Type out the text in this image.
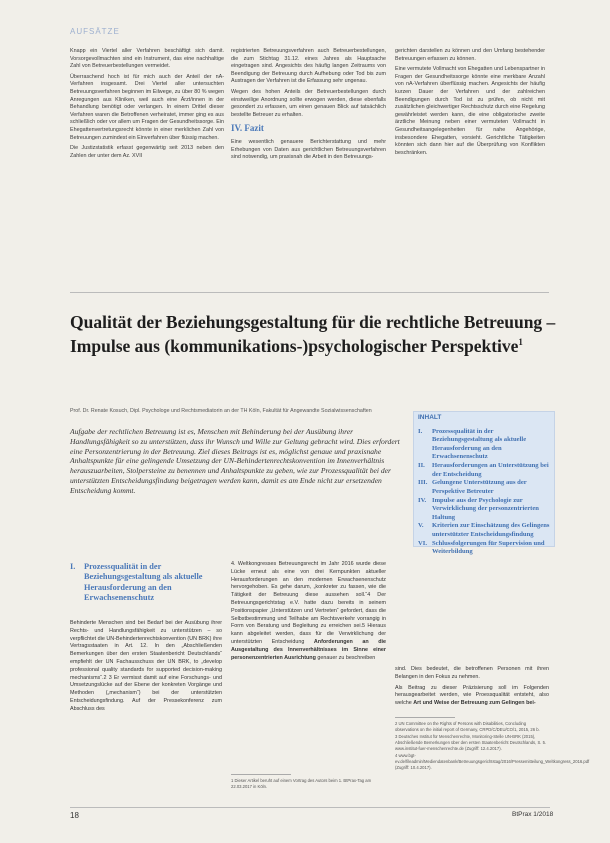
AUFSÄTZE

Knapp ein Viertel aller Verfahren beschäftigt sich damit. Vorsorgevollmachten sind ein Instrument, das eine nachhaltige Zahl von Betreuerbestellungen vermeidet.

Überraschend hoch ist für mich auch der Anteil der nA-Verfahren insgesamt. Drei Viertel aller untersuchten Betreuungsverfahren beginnen im Eilwege, zu über 80 % wegen Anregungen aus Kliniken, weil auch eine Ärzt/innen in der Behandlung benötigt oder verlangen. In einem Drittel dieser Verfahren waren die Betroffenen verheiratet, immer ging es aus schließlich oder vor allem um Fragen der Gesundheitssorge. Ein Ehegattenvertretungsrecht könnte in einer merklichen Zahl von Betreuungen zumindest ein Einverfahren über flüssig machen.

Die Justizstatistik erfasst gegenwärtig seit 2013 neben den Zahlen der unter dem Az. XVII

registrierten Betreuungsverfahren auch Betreuerbestellungen, die zum Stichtag 31.12. eines Jahres als Hauptsache eingetragen sind. Angesichts des häufig langen Zeitraums von Beendigung der Betreuung durch Aufhebung oder Tod bis zum Austragen der Verfahren ist die Erfassung sehr ungenau.

Wegen des hohen Anteils der Betreuerbestellungen durch einstweilige Anordnung sollte erwogen werden, diese ebenfalls gesondert zu erfassen, um einen genauen Blick auf tatsächlich bestellte Betreuer zu erhalten.

IV. Fazit

Eine wesentlich genauere Berichterstattung und mehr Erhebungen von Daten aus gerichtlichen Betreuungsverfahren sind notwendig, um praxisnah die Arbeit in den Betreuungs-

gerichten darstellen zu können und den Umfang bestehender Betreuungen erfassen zu können.

Eine vermutete Vollmacht von Ehegatten und Lebenspartner in Fragen der Gesundheitssorge könnte eine merkbare Anzahl von nA-Verfahren überflüssig machen. Angesichts der häufig kurzen Dauer der Verfahren und der zahlreichen Beendigungen durch Tod ist zu prüfen, ob nicht mit zusätzlichen gleichwertiger Rechtsschutz durch eine Regelung gewährleistet werden kann, die eine obligatorische zweite ärztliche Meinung neben einer vermuteten Vollmacht in Gesundheitsangelegenheiten für nahe Angehörige, insbesondere Ehegatten, vorsieht. Gerichtliche Tätigkeiten könnten sich dann hier auf die Überprüfung von Konflikten beschränken.

Qualität der Beziehungsgestaltung für die rechtliche Betreuung – Impulse aus (kommunikations-)psychologischer Perspektive$^1$
Prof. Dr. Renate Kosuch, Dipl. Psychologe und Rechtsmediatorin an der TH Köln, Fakultät für Angewandte Sozialwissenschaften
Aufgabe der rechtlichen Betreuung ist es, Menschen mit Behinderung bei der Ausübung ihrer Handlungsfähigkeit so zu unterstützen, dass ihr Wunsch und Wille zur Geltung gebracht wird. Dies erfordert eine Personzentrierung in der Betreuung. Ziel dieses Beitrags ist es, möglichst genaue und praxisnahe Anhaltspunkte für eine gelingende Umsetzung der UN-Behindertenrechtskonvention im Innenverhältnis herauszuarbeiten, Stolpersteine zu benennen und Anhaltspunkte zu geben, wie zur Prozessqualität bei der unterstützten Entscheidungsfindung beigetragen werden kann, damit es am Ende nicht zur ersetzenden Entscheidung kommt.
INHALT
I.	Prozessqualität in der Beziehungsgestaltung als aktuelle Herausforderung an den Erwachsenenschutz
II.	Herausforderungen an Unterstützung bei der Entscheidung
III. Gelungene Unterstützung aus der Perspektive Betreuter
IV. Impulse aus der Psychologie zur Verwirklichung der personzentrierten Haltung
V.	Kriterien zur Einschätzung des Gelingens unterstützter Entscheidungsfindung
VI. Schlussfolgerungen für Supervision und Weiterbildung
I.	Prozessqualität in der Beziehungsgestaltung als aktuelle Herausforderung an den Erwachsenenschutz

Behinderte Menschen sind bei Bedarf bei der Ausübung ihrer Rechts- und Handlungsfähigkeit zu unterstützen – so verpflichtet die UN-Behindertenrechtskonvention (UN BRK) ihre Vertragsstaaten in Art. 12. In den „Abschließenden Bemerkungen über den ersten Staatenbericht Deutschlands“ empfiehlt der UN Fachausschuss der UN BRK, to „develop professional quality standards for supported decision-making mechanisms“.2 3 Er vermisst damit auf eine Forschungs- und Umsetzungslücke auf der Ebene der konkreten Vorgänge und Methoden („mechanism“) bei der unterstützten Entscheidungsfindung. Auf der Pressekonferenz zum Abschluss des

4. Weltkongresses Betreuungsrecht im Jahr 2016 wurde diese Lücke erneut als eine von drei Kernpunkten aktueller Herausforderungen an den modernen Erwachsenenschutz hervorgehoben. Es gehe darum, „konkreter zu fassen, wie die Tätigkeit der Betreuung diese aussehen soll.“4 Der Betreuungsgerichtstag e.V. hatte dazu bereits in seinem Positionspapier „Unterstützen und Vertreten“ gefordert, dass die Selbstbestimmung und Teilhabe am Rechtsverkehr vorrangig in Form von Beratung und Begleitung zu erreichen sei.5 Hieraus kann abgeleitet werden, dass für die Verwirklichung der unterstützten Entscheidung Anforderungen an die Ausgestaltung des Innenverhältnisses im Sinne einer personenzentrierten Ausrichtung genauer zu beschreiben

sind. Dies bedeutet, die betroffenen Personen mit ihren Belangen in den Fokus zu nehmen.

Als Beitrag zu dieser Präzisierung soll im Folgenden herausgearbeitet werden, wie Proessqualität entsteht, also welche Art und Weise der Betreuung zum Gelingen bei-

1 Dieser Artikel beruht auf einem Vortrag des Autors beim 1. BtPrax-Tag am 22.03.2017 in Köln.
2 UN Committee on the Rights of Persons with Disabilities, Concluding observations on the initial report of Germany, CRPD/C/DEU/CO/1, 2015, 26 b.
3 Deutsches Institut für Menschenrechte, Monitoring-Stelle UN-BRK (2015), Abschließende Bemerkungen über den ersten Staatenbericht Deutschlands, S. 5. www.institut-fuer-menschenrechte.de (Zugriff: 12.4.2017).
4 www.bgt-ev.de/fileadmin/Mediendatenbank/Betreuungsgerichtstag/2016/Pressemitteilung_Weltkongress_2016.pdf (Zugriff: 10.4.2017).
18	BtPrax 1/2018
